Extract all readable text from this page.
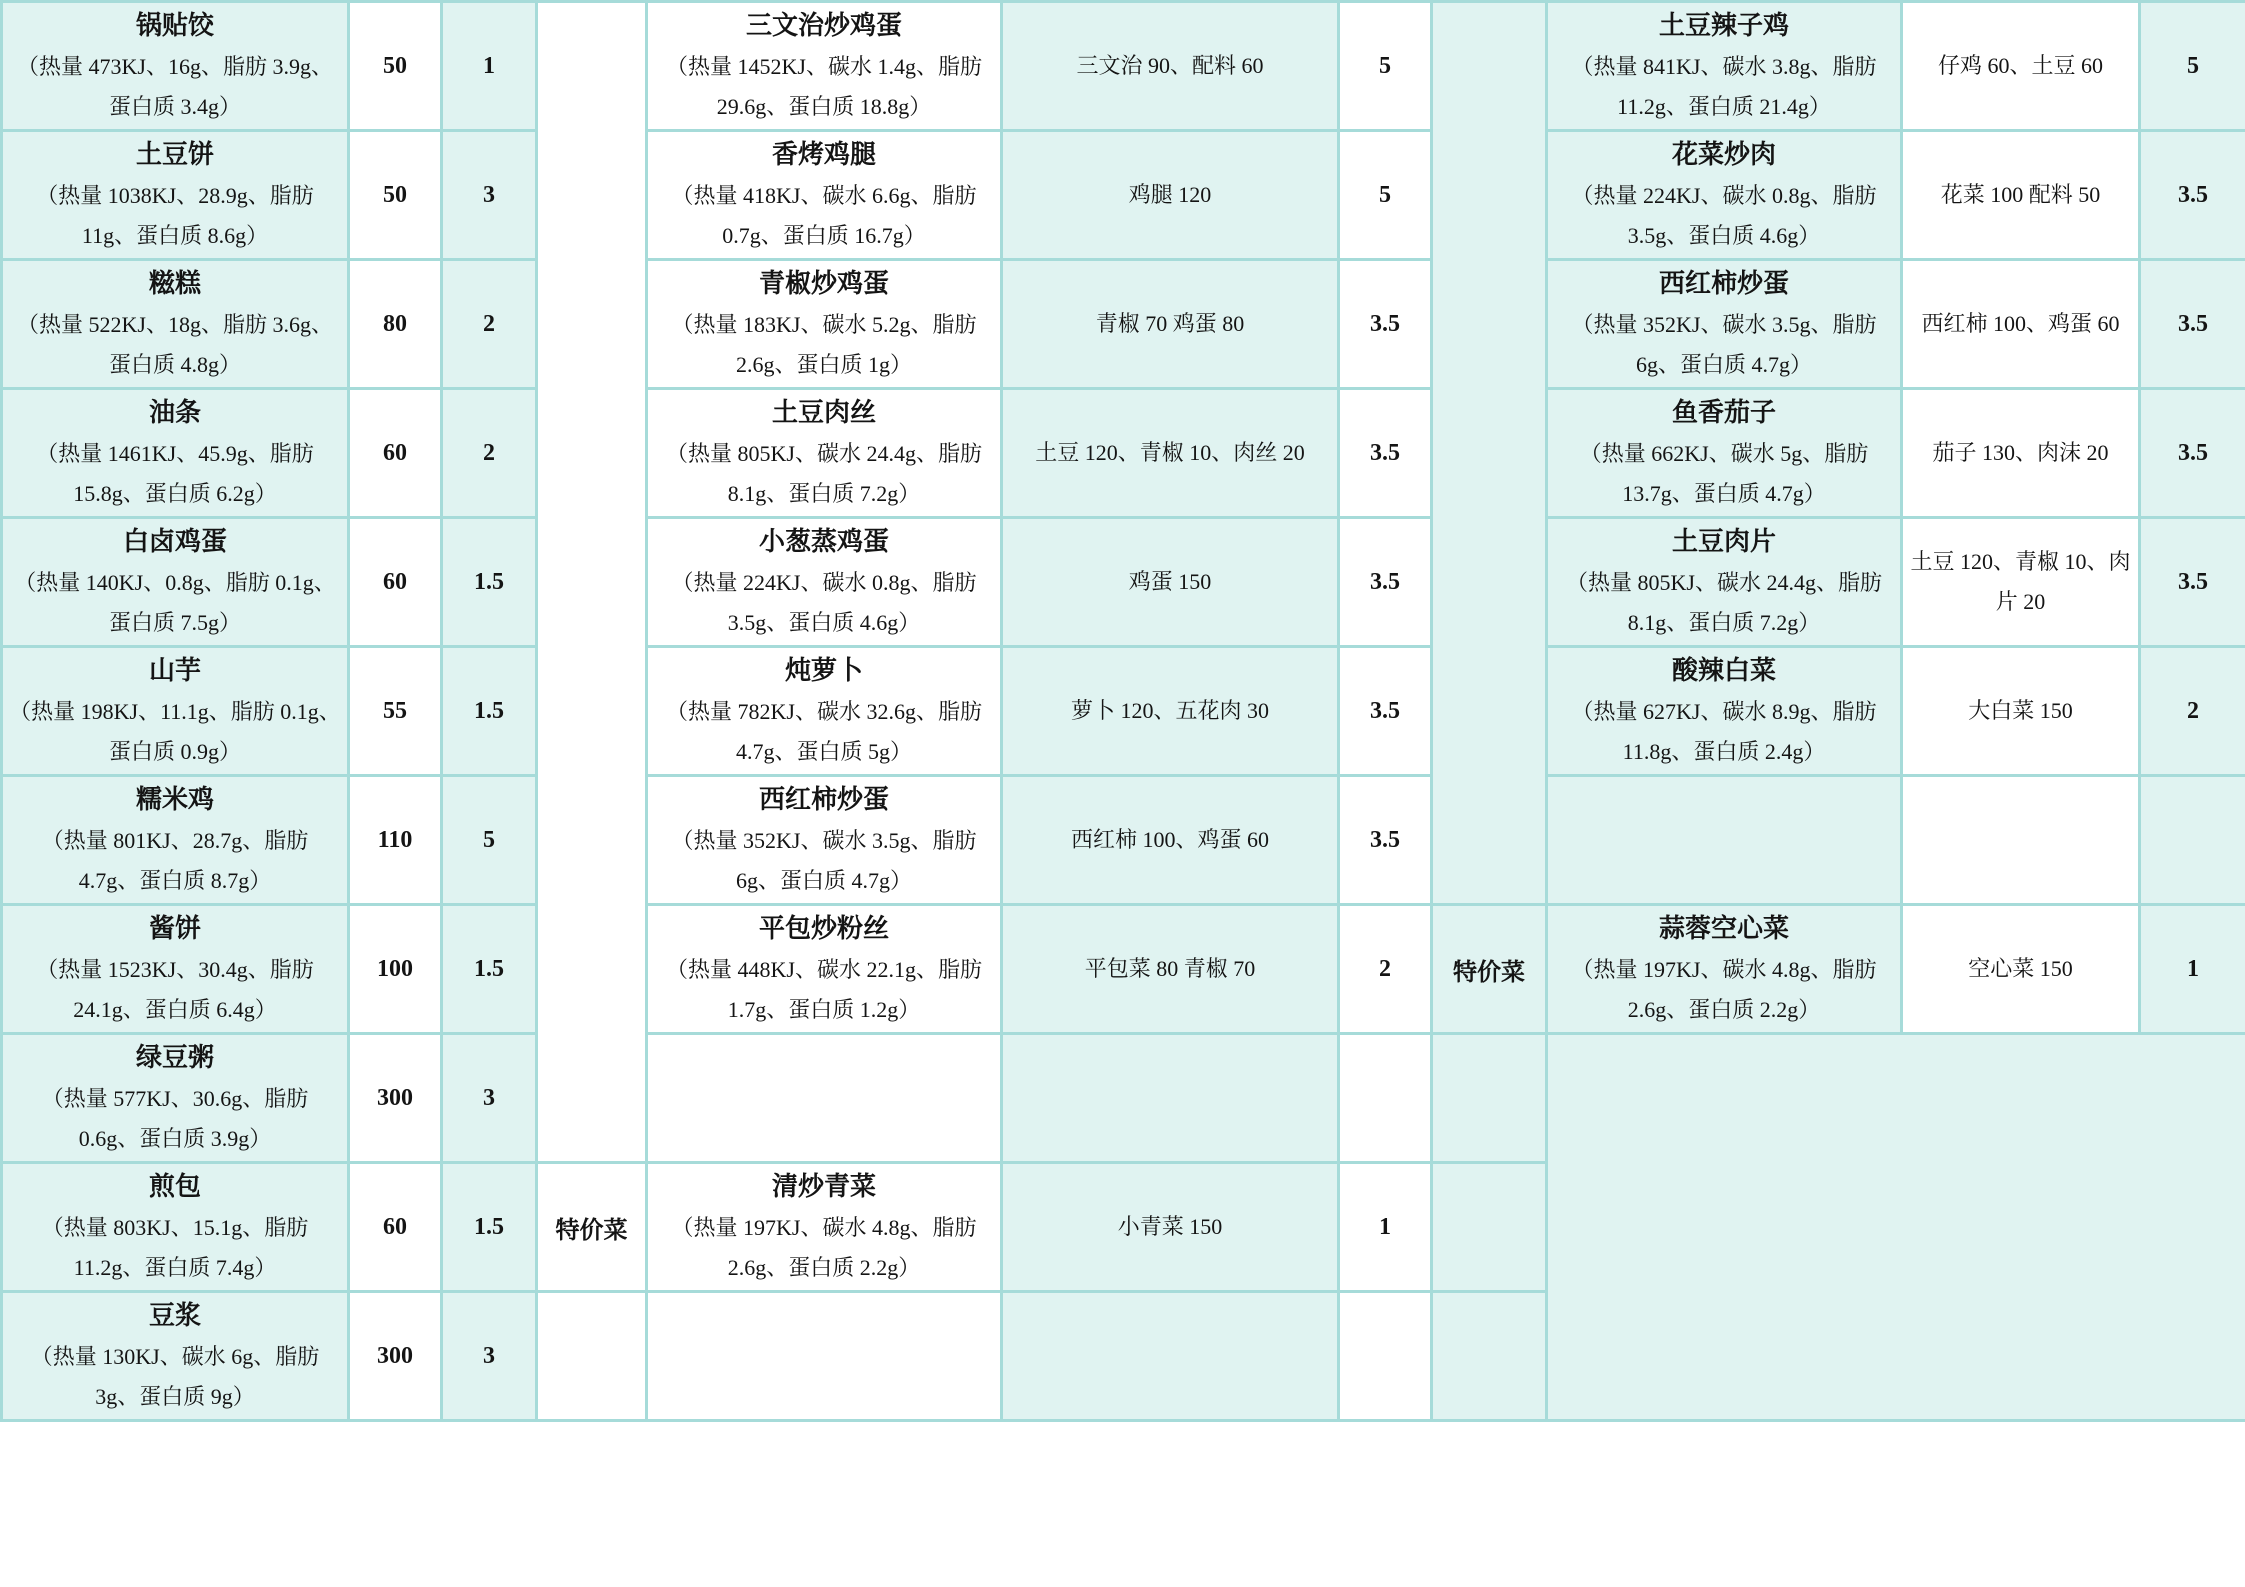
锅贴饺
（热量 473KJ、16g、脂肪 3.9g、蛋白质 3.4g）
	50	1		
三文治炒鸡蛋
（热量 1452KJ、碳水 1.4g、脂肪 29.6g、蛋白质 18.8g）
	三文治 90、配料 60	5		
土豆辣子鸡
（热量 841KJ、碳水 3.8g、脂肪 11.2g、蛋白质 21.4g）
	仔鸡 60、土豆 60	5

土豆饼
（热量 1038KJ、28.9g、脂肪 11g、蛋白质 8.6g）
	50	3	
香烤鸡腿
（热量 418KJ、碳水 6.6g、脂肪 0.7g、蛋白质 16.7g）
	鸡腿 120	5	
花菜炒肉
（热量 224KJ、碳水 0.8g、脂肪 3.5g、蛋白质 4.6g）
	花菜 100 配料 50	3.5

糍糕
（热量 522KJ、18g、脂肪 3.6g、蛋白质 4.8g）
	80	2	
青椒炒鸡蛋
（热量 183KJ、碳水 5.2g、脂肪 2.6g、蛋白质 1g）
	青椒 70 鸡蛋 80	3.5	
西红柿炒蛋
（热量 352KJ、碳水 3.5g、脂肪 6g、蛋白质 4.7g）
	西红柿 100、鸡蛋 60	3.5

油条
（热量 1461KJ、45.9g、脂肪 15.8g、蛋白质 6.2g）
	60	2	
土豆肉丝
（热量 805KJ、碳水 24.4g、脂肪 8.1g、蛋白质 7.2g）
	土豆 120、青椒 10、肉丝 20	3.5	
鱼香茄子
（热量 662KJ、碳水 5g、脂肪 13.7g、蛋白质 4.7g）
	茄子 130、肉沫 20	3.5

白卤鸡蛋
（热量 140KJ、0.8g、脂肪 0.1g、蛋白质 7.5g）
	60	1.5	
小葱蒸鸡蛋
（热量 224KJ、碳水 0.8g、脂肪 3.5g、蛋白质 4.6g）
	鸡蛋 150	3.5	
土豆肉片
（热量 805KJ、碳水 24.4g、脂肪 8.1g、蛋白质 7.2g）
	土豆 120、青椒 10、肉片 20	3.5

山芋
（热量 198KJ、11.1g、脂肪 0.1g、蛋白质 0.9g）
	55	1.5	
炖萝卜
（热量 782KJ、碳水 32.6g、脂肪 4.7g、蛋白质 5g）
	萝卜 120、五花肉 30	3.5	
酸辣白菜
（热量 627KJ、碳水 8.9g、脂肪 11.8g、蛋白质 2.4g）
	大白菜 150	2

糯米鸡
（热量 801KJ、28.7g、脂肪 4.7g、蛋白质 8.7g）
	110	5	
西红柿炒蛋
（热量 352KJ、碳水 3.5g、脂肪 6g、蛋白质 4.7g）
	西红柿 100、鸡蛋 60	3.5			

酱饼
（热量 1523KJ、30.4g、脂肪 24.1g、蛋白质 6.4g）
	100	1.5	
平包炒粉丝
（热量 448KJ、碳水 22.1g、脂肪 1.7g、蛋白质 1.2g）
	平包菜 80 青椒 70	2	特价菜	
蒜蓉空心菜
（热量 197KJ、碳水 4.8g、脂肪 2.6g、蛋白质 2.2g）
	空心菜 150	1

绿豆粥
（热量 577KJ、30.6g、脂肪 0.6g、蛋白质 3.9g）	300	3								

煎包
（热量 803KJ、15.1g、脂肪 11.2g、蛋白质 7.4g）
	60	1.5	特价菜	
清炒青菜
（热量 197KJ、碳水 4.8g、脂肪 2.6g、蛋白质 2.2g）
	小青菜 150	1	

豆浆
（热量 130KJ、碳水 6g、脂肪 3g、蛋白质 9g）	300	3								
